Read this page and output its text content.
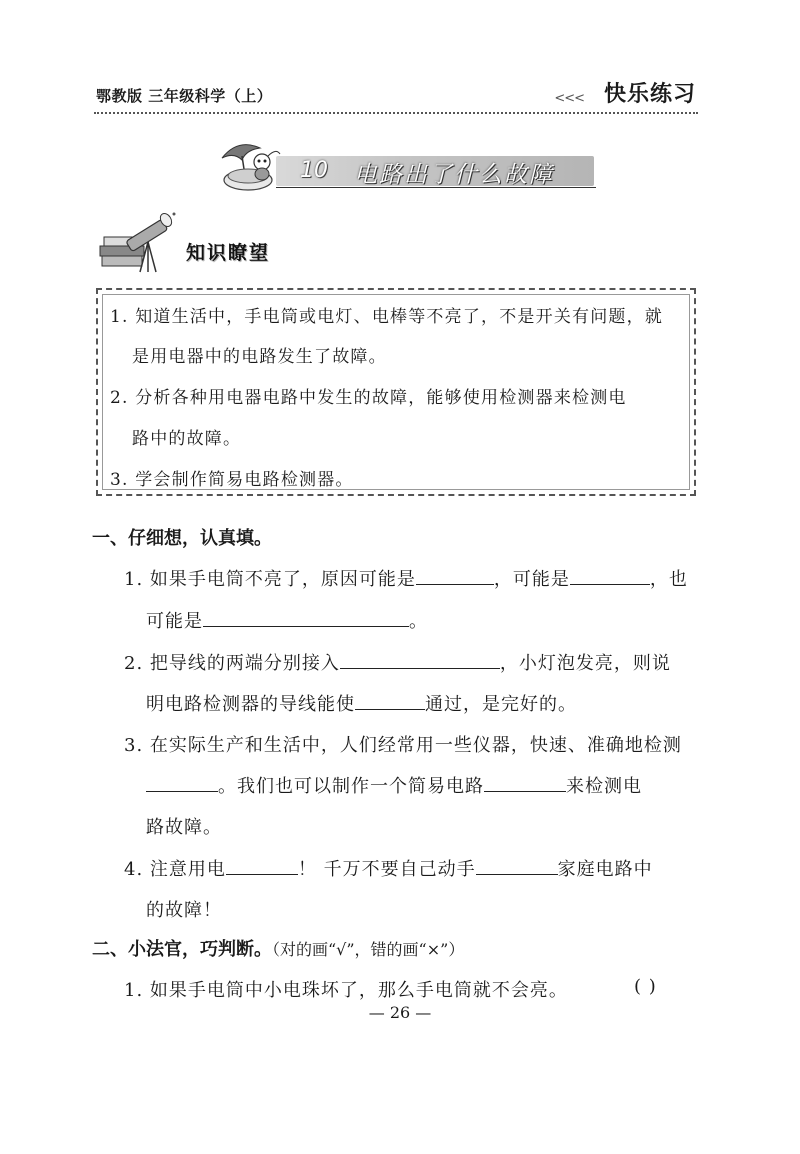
鄂教版 三年级科学（上）	<<< 快乐练习
10 电路出了什么故障
知识瞭望
1. 知道生活中，手电筒或电灯、电棒等不亮了，不是开关有问题，就
是用电器中的电路发生了故障。
2. 分析各种用电器电路中发生的故障，能够使用检测器来检测电
路中的故障。
3. 学会制作简易电路检测器。
一、仔细想，认真填。
1. 如果手电筒不亮了，原因可能是	，可能是	，也
可能是	。
2. 把导线的两端分别接入	，小灯泡发亮，则说
明电路检测器的导线能使	通过，是完好的。
3. 在实际生产和生活中，人们经常用一些仪器，快速、准确地检测
。我们也可以制作一个简易电路	来检测电
路故障。
4. 注意用电	！ 千万不要自己动手	家庭电路中
的故障！
二、小法官，巧判断。（对的画“√”，错的画“×”）
1. 如果手电筒中小电珠坏了，那么手电筒就不会亮。	( )
— 26 —
